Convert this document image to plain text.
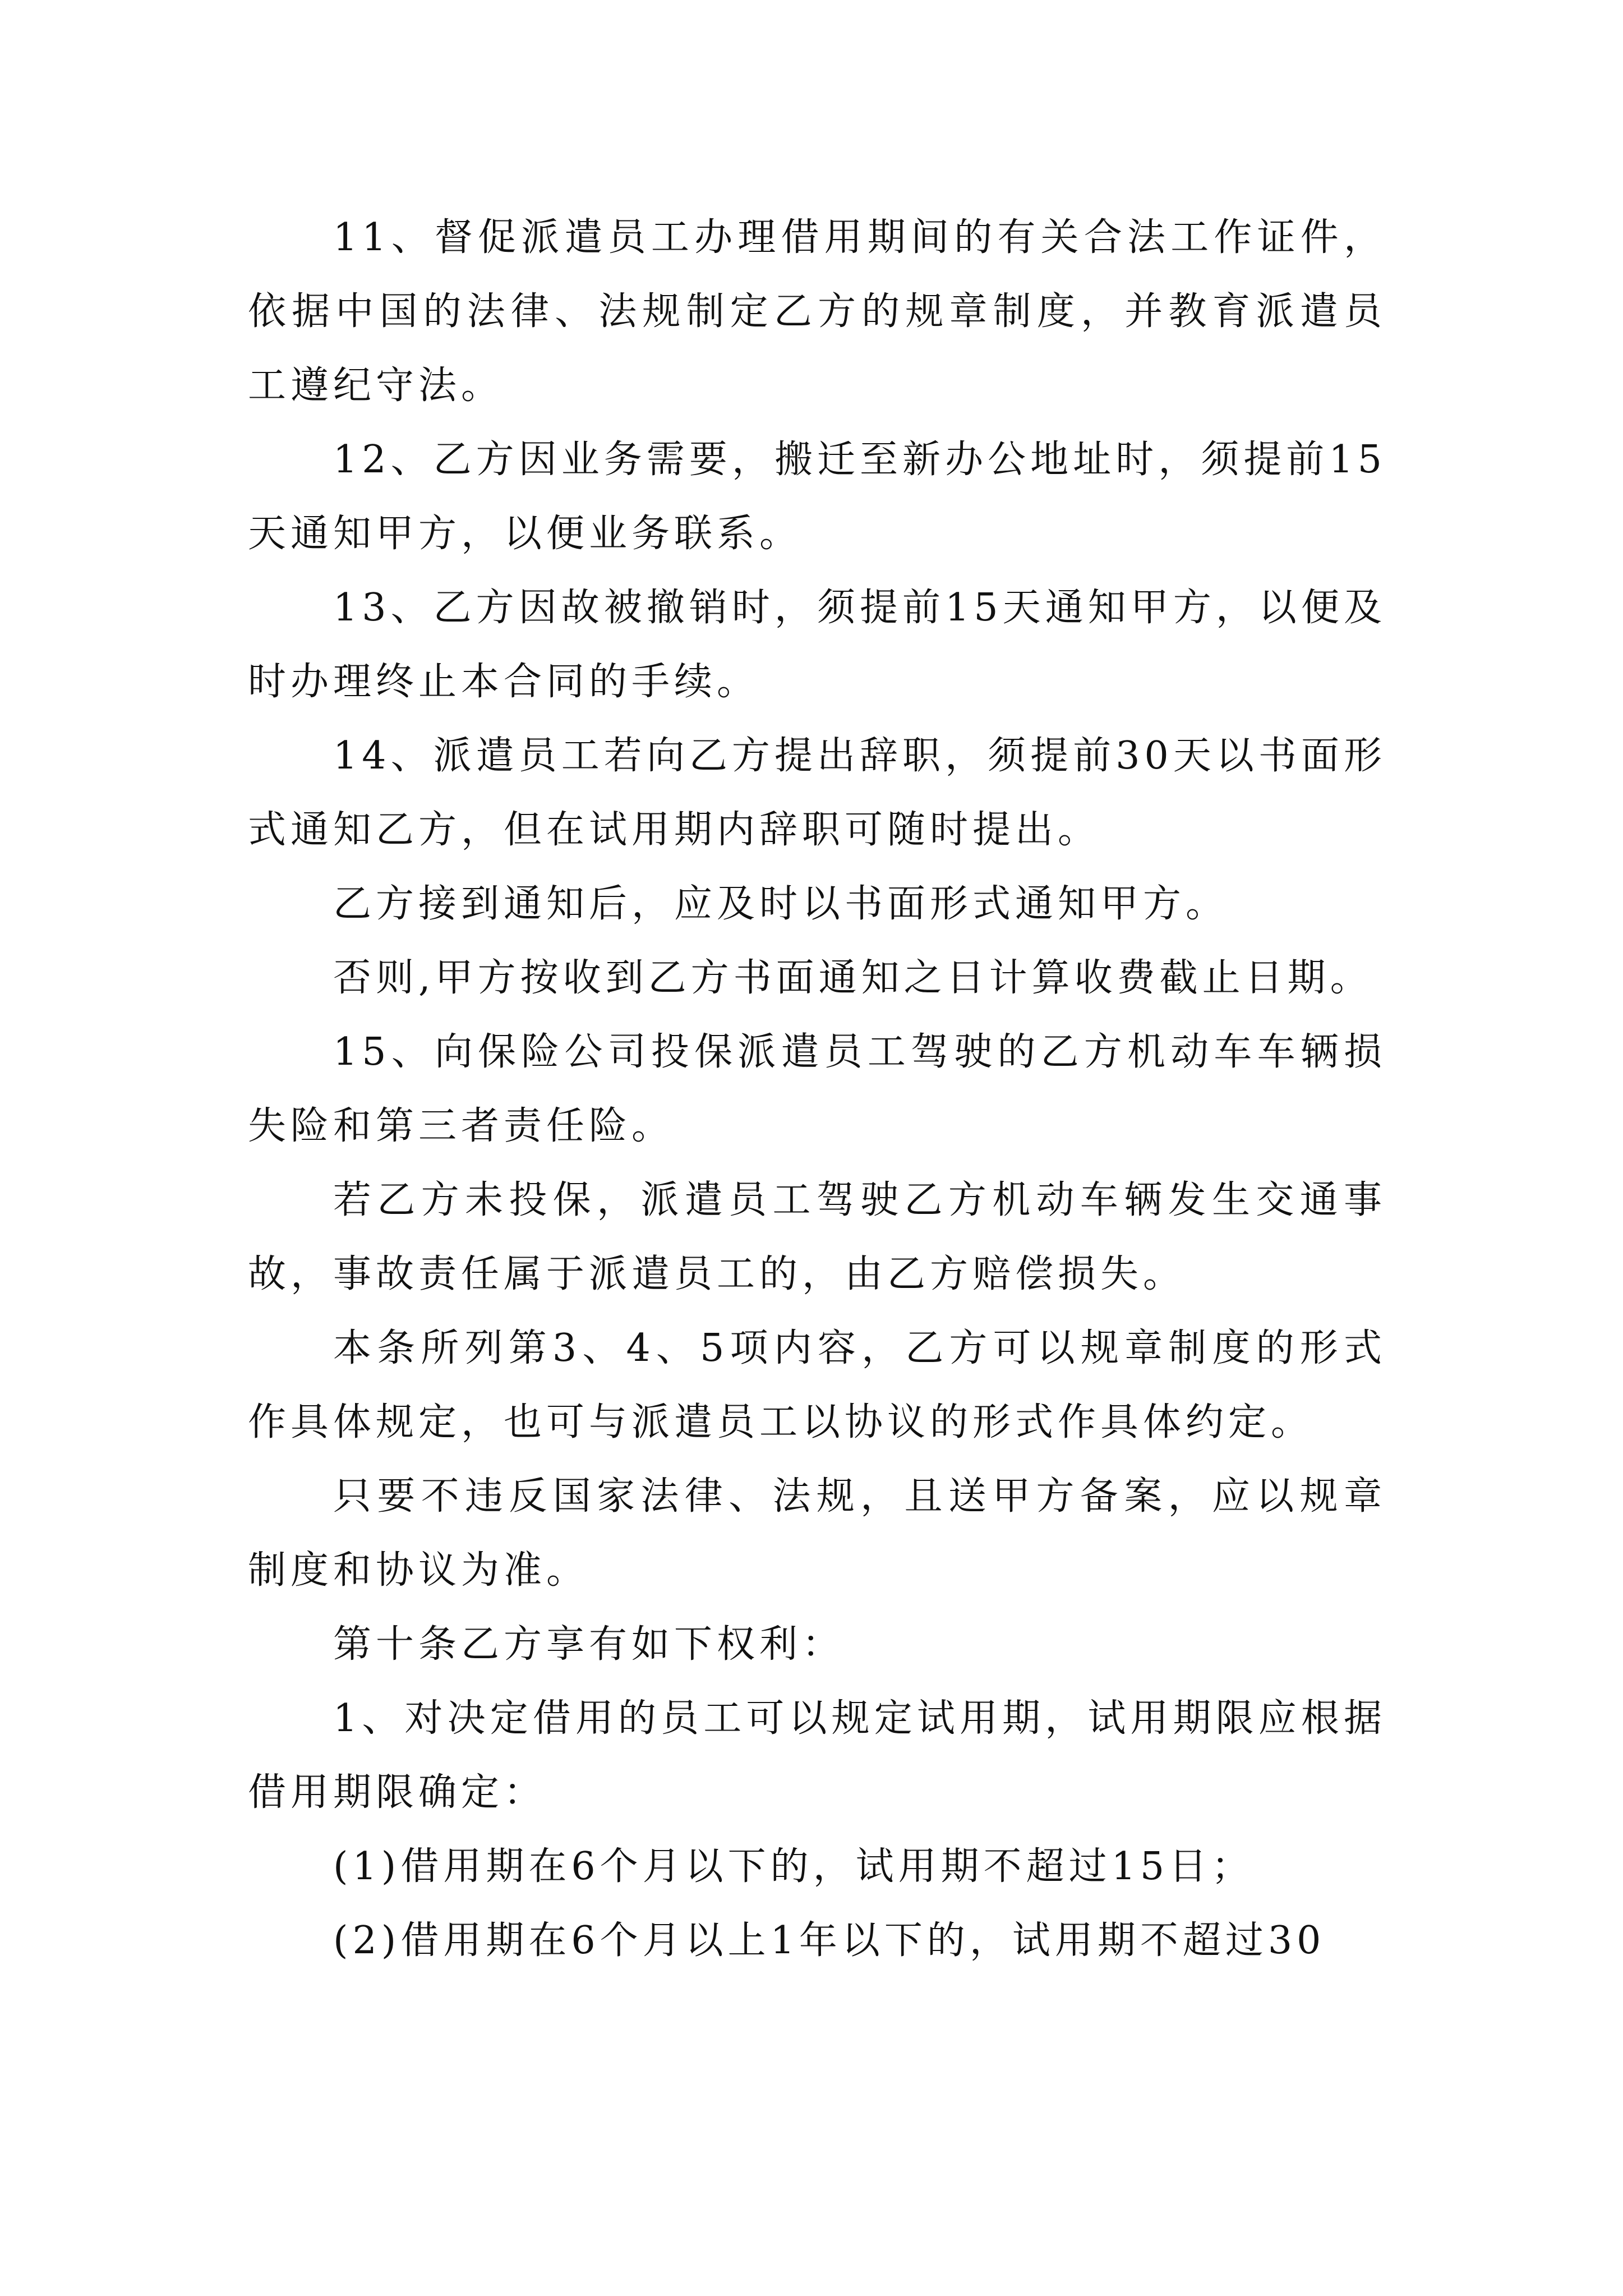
11、督促派遣员工办理借用期间的有关合法工作证件，依据中国的法律、法规制定乙方的规章制度，并教育派遣员工遵纪守法。

12、乙方因业务需要，搬迁至新办公地址时，须提前15天通知甲方，以便业务联系。

13、乙方因故被撤销时，须提前15天通知甲方，以便及时办理终止本合同的手续。

14、派遣员工若向乙方提出辞职，须提前30天以书面形式通知乙方，但在试用期内辞职可随时提出。

乙方接到通知后，应及时以书面形式通知甲方。

否则,甲方按收到乙方书面通知之日计算收费截止日期。

15、向保险公司投保派遣员工驾驶的乙方机动车车辆损失险和第三者责任险。

若乙方未投保，派遣员工驾驶乙方机动车辆发生交通事故，事故责任属于派遣员工的，由乙方赔偿损失。

本条所列第3、4、5项内容，乙方可以规章制度的形式作具体规定，也可与派遣员工以协议的形式作具体约定。

只要不违反国家法律、法规，且送甲方备案，应以规章制度和协议为准。

第十条乙方享有如下权利：

1、对决定借用的员工可以规定试用期，试用期限应根据借用期限确定：

(1)借用期在6个月以下的，试用期不超过15日；

(2)借用期在6个月以上1年以下的，试用期不超过30
